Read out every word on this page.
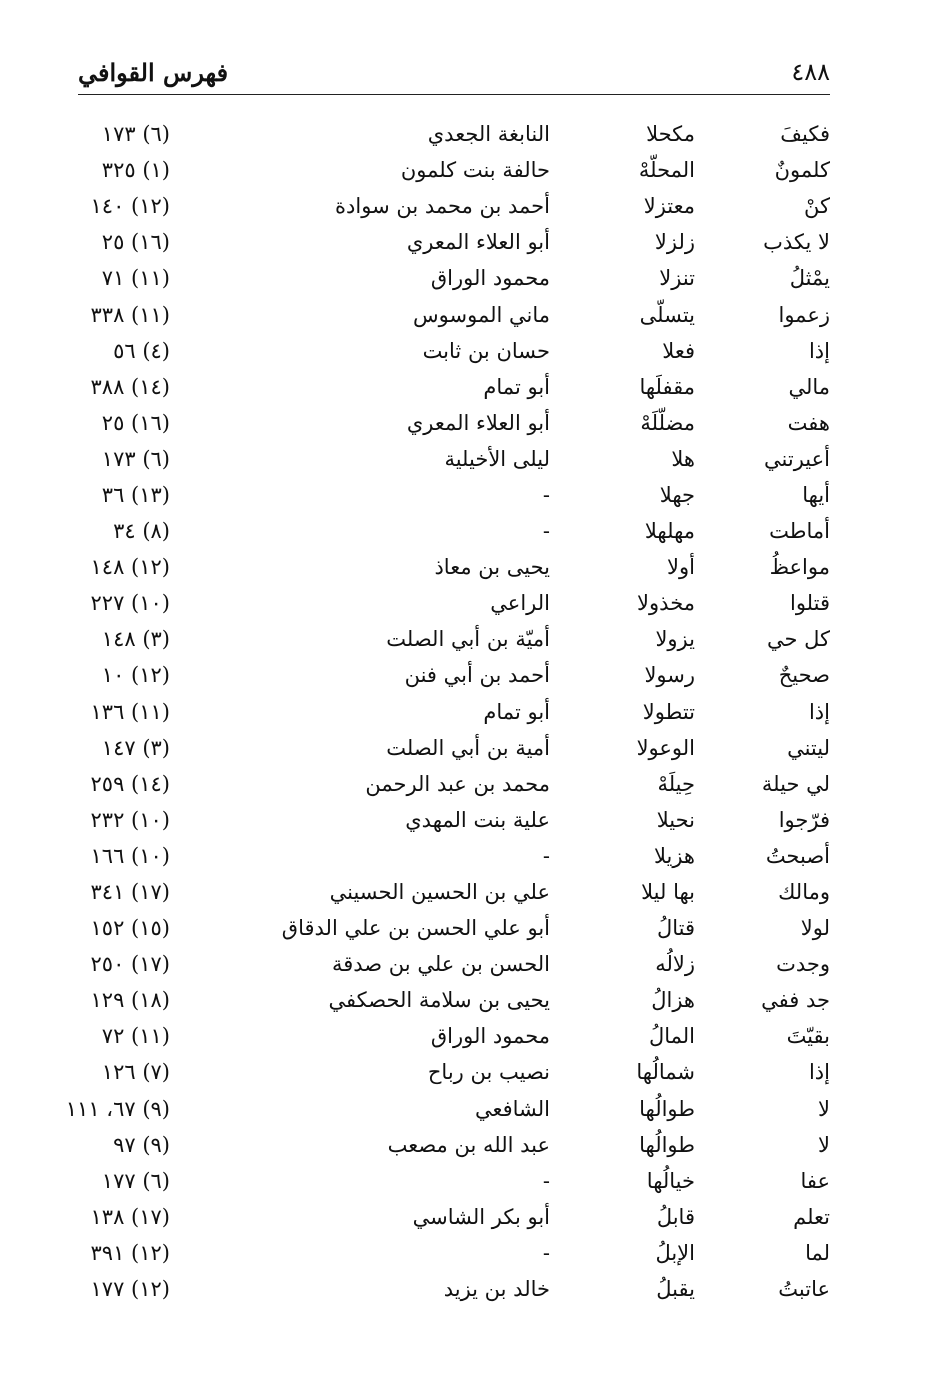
٤٨٨
فهرس القوافي
فكيفَ	مكحلا	النابغة الجعدي	(٦) ١٧٣
كلمونٌ	المحلّهْ	حالفة بنت كلمون	(١) ٣٢٥
كنْ	معتزلا	أحمد بن محمد بن سوادة	(١٢) ١٤٠
لا يكذب	زلزلا	أبو العلاء المعري	(١٦) ٢٥
يمْثلُ	تنزلا	محمود الوراق	(١١) ٧١
زعموا	يتسلّى	ماني الموسوس	(١١) ٣٣٨
إذا	فعلا	حسان بن ثابت	(٤) ٥٦
مالي	مقفلَها	أبو تمام	(١٤) ٣٨٨
هفت	مضلّلَهْ	أبو العلاء المعري	(١٦) ٢٥
أعيرتني	هلا	ليلى الأخيلية	(٦) ١٧٣
أيها	جهلا	-	(١٣) ٣٦
أماطت	مهلهلا	-	(٨) ٣٤
مواعظُ	أولا	يحيى بن معاذ	(١٢) ١٤٨
قتلوا	مخذولا	الراعي	(١٠) ٢٢٧
كل حي	يزولا	أميّة بن أبي الصلت	(٣) ١٤٨
صحيحٌ	رسولا	أحمد بن أبي فنن	(١٢) ١٠
إذا	تتطولا	أبو تمام	(١١) ١٣٦
ليتني	الوعولا	أمية بن أبي الصلت	(٣) ١٤٧
لي حيلة	حِيلَهْ	محمد بن عبد الرحمن	(١٤) ٢٥٩
فرّجوا	نحيلا	علية بنت المهدي	(١٠) ٢٣٢
أصبحتُ	هزيلا	-	(١٠) ١٦٦
ومالك	بها ليلا	علي بن الحسين الحسيني	(١٧) ٣٤١
لولا	قتالُ	أبو علي الحسن بن علي الدقاق	(١٥) ١٥٢
وجدت	زلالُه	الحسن بن علي بن صدقة	(١٧) ٢٥٠
جد ففي	هزالُ	يحيى بن سلامة الحصكفي	(١٨) ١٢٩
بقيّتَ	المالُ	محمود الوراق	(١١) ٧٢
إذا	شمالُها	نصيب بن رباح	(٧) ١٢٦
لا	طوالُها	الشافعي	(٩) ٦٧، ١١١
لا	طوالُها	عبد الله بن مصعب	(٩) ٩٧
عفا	خيالُها	-	(٦) ١٧٧
تعلم	قابلُ	أبو بكر الشاسي	(١٧) ١٣٨
لما	الإبلُ	-	(١٢) ٣٩١
عاتبتُ	يقبلُ	خالد بن يزيد	(١٢) ١٧٧
